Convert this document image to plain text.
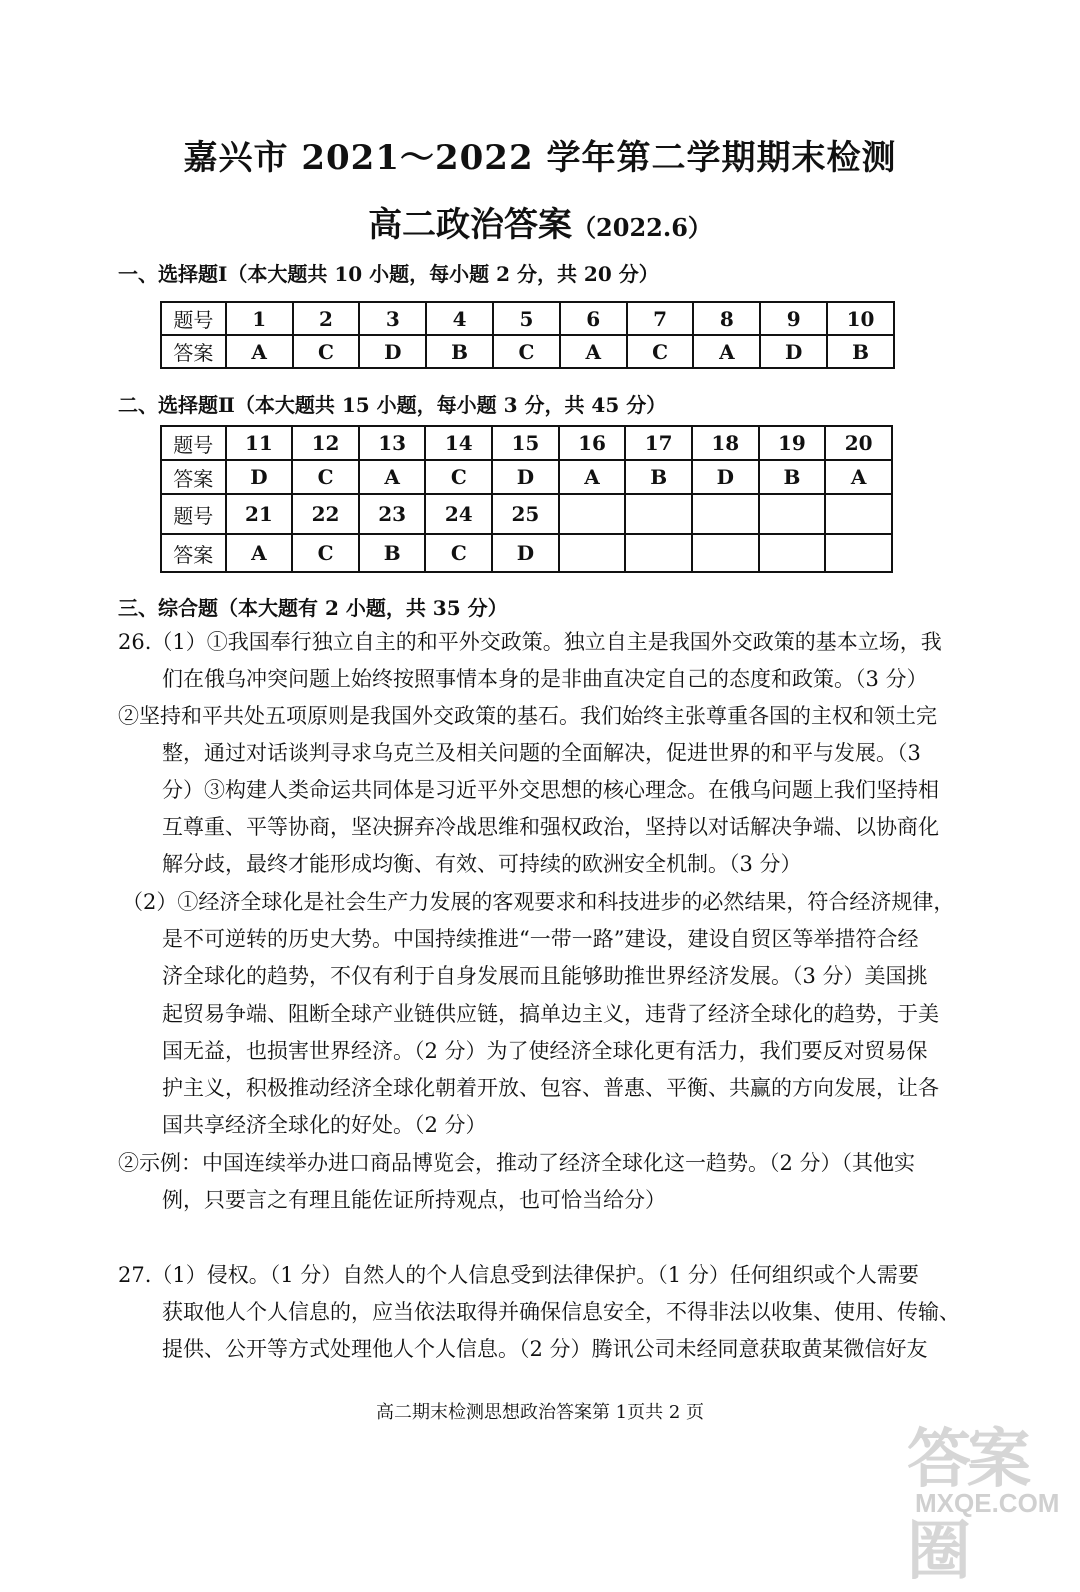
嘉兴市 2021～2022 学年第二学期期末检测
高二政治答案（2022.6）
一、选择题Ⅰ（本大题共 10 小题，每小题 2 分，共 20 分）
题号	1	2	3	4	5	6	7	8	9	10
答案	A	C	D	B	C	A	C	A	D	B
二、选择题Ⅱ（本大题共 15 小题，每小题 3 分，共 45 分）
题号	11	12	13	14	15	16	17	18	19	20
答案	D	C	A	C	D	A	B	D	B	A
题号	21	22	23	24	25					
答案	A	C	B	C	D					
三、综合题（本大题有 2 小题，共 35 分）
26.（1）①我国奉行独立自主的和平外交政策。独立自主是我国外交政策的基本立场，我
们在俄乌冲突问题上始终按照事情本身的是非曲直决定自己的态度和政策。（3 分）
②坚持和平共处五项原则是我国外交政策的基石。我们始终主张尊重各国的主权和领土完
整，通过对话谈判寻求乌克兰及相关问题的全面解决，促进世界的和平与发展。（3
分）③构建人类命运共同体是习近平外交思想的核心理念。在俄乌问题上我们坚持相
互尊重、平等协商，坚决摒弃冷战思维和强权政治，坚持以对话解决争端、以协商化
解分歧，最终才能形成均衡、有效、可持续的欧洲安全机制。（3 分）
（2）①经济全球化是社会生产力发展的客观要求和科技进步的必然结果，符合经济规律，
是不可逆转的历史大势。中国持续推进“一带一路”建设，建设自贸区等举措符合经
济全球化的趋势，不仅有利于自身发展而且能够助推世界经济发展。（3 分）美国挑
起贸易争端、阻断全球产业链供应链，搞单边主义，违背了经济全球化的趋势，于美
国无益，也损害世界经济。（2 分）为了使经济全球化更有活力，我们要反对贸易保
护主义，积极推动经济全球化朝着开放、包容、普惠、平衡、共赢的方向发展，让各
国共享经济全球化的好处。（2 分）
②示例：中国连续举办进口商品博览会，推动了经济全球化这一趋势。（2 分）（其他实
例，只要言之有理且能佐证所持观点，也可恰当给分）
27.（1）侵权。（1 分）自然人的个人信息受到法律保护。（1 分）任何组织或个人需要
获取他人个人信息的，应当依法取得并确保信息安全，不得非法以收集、使用、传输、
提供、公开等方式处理他人个人信息。（2 分）腾讯公司未经同意获取黄某微信好友
高二期末检测思想政治答案第 1页共 2 页
答案圈
MXQE.COM
